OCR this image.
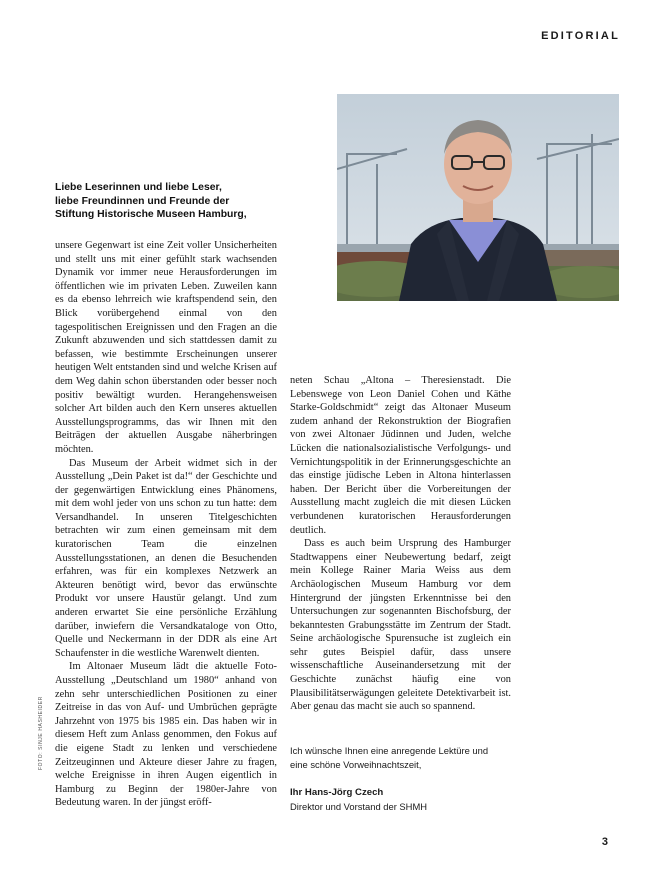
EDITORIAL
Liebe Leserinnen und liebe Leser,
liebe Freundinnen und Freunde der
Stiftung Historische Museen Hamburg,

unsere Gegenwart ist eine Zeit voller Unsicherheiten und stellt uns mit einer gefühlt stark wachsenden Dynamik vor immer neue Herausforderungen im öffentlichen wie im privaten Leben. Zuweilen kann es da ebenso lehrreich wie kraftspendend sein, den Blick vorübergehend einmal von den tagespolitischen Ereignissen und den Fragen an die Zukunft abzuwenden und sich stattdessen damit zu befassen, wie bestimmte Erscheinungen unserer heutigen Welt entstanden sind und welche Krisen auf dem Weg dahin schon überstanden oder besser noch positiv bewältigt wurden. Herangehensweisen solcher Art bilden auch den Kern unseres aktuellen Ausstellungsprogramms, das wir Ihnen mit den Beiträgen der aktuellen Ausgabe näherbringen möchten.

Das Museum der Arbeit widmet sich in der Ausstellung „Dein Paket ist da!“ der Geschichte und der gegenwärtigen Entwicklung eines Phänomens, mit dem wohl jeder von uns schon zu tun hatte: dem Versandhandel. In unseren Titelgeschichten betrachten wir zum einen gemeinsam mit dem kuratorischen Team die einzelnen Ausstellungsstationen, an denen die Besuchenden erfahren, was für ein komplexes Netzwerk an Akteuren benötigt wird, bevor das erwünschte Produkt vor unsere Haustür gelangt. Und zum anderen erwartet Sie eine persönliche Erzählung darüber, inwiefern die Versandkataloge von Otto, Quelle und Neckermann in der DDR als eine Art Schaufenster in die westliche Warenwelt dienten.

Im Altonaer Museum lädt die aktuelle Foto-Ausstellung „Deutschland um 1980“ anhand von zehn sehr unterschiedlichen Positionen zu einer Zeitreise in das von Auf- und Umbrüchen geprägte Jahrzehnt von 1975 bis 1985 ein. Das haben wir in diesem Heft zum Anlass genommen, den Fokus auf die eigene Stadt zu lenken und verschiedene Zeitzeuginnen und Akteure dieser Jahre zu fragen, welche Ereignisse in ihren Augen eigentlich in Hamburg zu Beginn der 1980er-Jahre von Bedeutung waren. In der jüngst eröff-

neten Schau „Altona – Theresienstadt. Die Lebenswege von Leon Daniel Cohen und Käthe Starke-Goldschmidt“ zeigt das Altonaer Museum zudem anhand der Rekonstruktion der Biografien von zwei Altonaer Jüdinnen und Juden, welche Lücken die nationalsozialistische Verfolgungs- und Vernichtungspolitik in der Erinnerungsgeschichte an das einstige jüdische Leben in Altona hinterlassen haben. Der Bericht über die Vorbereitungen der Ausstellung macht zugleich die mit diesen Lücken verbundenen kuratorischen Herausforderungen deutlich.

Dass es auch beim Ursprung des Hamburger Stadtwappens einer Neubewertung bedarf, zeigt mein Kollege Rainer Maria Weiss aus dem Archäologischen Museum Hamburg vor dem Hintergrund der jüngsten Erkenntnisse bei den Untersuchungen zur sogenannten Bischofsburg, der bekanntesten Grabungsstätte im Zentrum der Stadt. Seine archäologische Spurensuche ist zugleich ein sehr gutes Beispiel dafür, dass unsere wissenschaftliche Auseinandersetzung mit der Geschichte zunächst häufig eine von Plausibilitätserwägungen geleitete Detektivarbeit ist. Aber genau das macht sie auch so spannend.

Ich wünsche Ihnen eine anregende Lektüre und
eine schöne Vorweihnachtszeit,
Ihr Hans-Jörg Czech
Direktor und Vorstand der SHMH
FOTO: SINJE HASHEIDER
3
